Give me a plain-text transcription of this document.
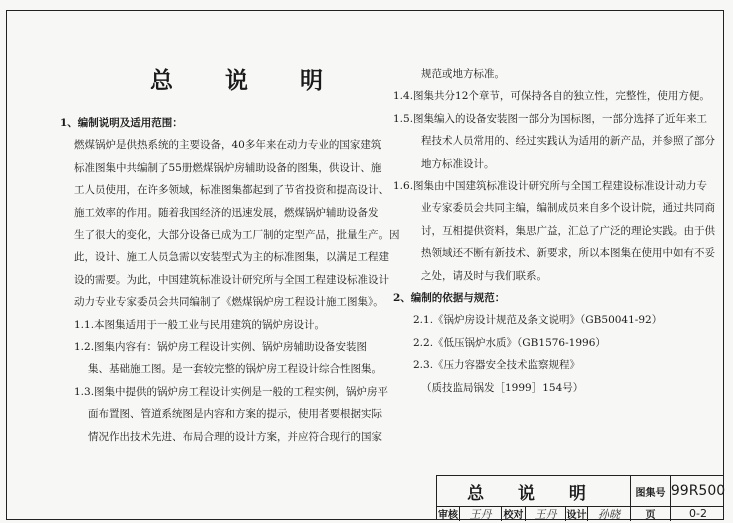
总 说 明
1、编制说明及适用范围：
燃煤锅炉是供热系统的主要设备，40多年来在动力专业的国家建筑
标准图集中共编制了55册燃煤锅炉房辅助设备的图集，供设计、施
工人员使用，在许多领域，标准图集都起到了节省投资和提高设计、
施工效率的作用。随着我国经济的迅速发展，燃煤锅炉辅助设备发
生了很大的变化，大部分设备已成为工厂制的定型产品，批量生产。因
此，设计、施工人员急需以安装型式为主的标准图集，以满足工程建
设的需要。为此，中国建筑标准设计研究所与全国工程建设标准设计
动力专业专家委员会共同编制了《燃煤锅炉房工程设计施工图集》。
1.1.本图集适用于一般工业与民用建筑的锅炉房设计。
1.2.图集内容有：锅炉房工程设计实例、锅炉房辅助设备安装图
集、基础施工图。是一套较完整的锅炉房工程设计综合性图集。
1.3.图集中提供的锅炉房工程设计实例是一般的工程实例，锅炉房平
面布置图、管道系统图是内容和方案的提示，使用者要根据实际
情况作出技术先进、布局合理的设计方案，并应符合现行的国家
规范或地方标准。
1.4.图集共分12个章节，可保持各自的独立性，完整性，使用方便。
1.5.图集编入的设备安装图一部分为国标图，一部分选择了近年来工
程技术人员常用的、经过实践认为适用的新产品，并参照了部分
地方标准设计。
1.6.图集由中国建筑标准设计研究所与全国工程建设标准设计动力专
业专家委员会共同主编，编制成员来自多个设计院，通过共同商
讨，互相提供资料，集思广益，汇总了广泛的理论实践。由于供
热领域还不断有新技术、新要求，所以本图集在使用中如有不妥
之处，请及时与我们联系。
2、编制的依据与规范：
2.1.《锅炉房设计规范及条文说明》（GB50041-92）
2.2.《低压锅炉水质》（GB1576-1996）
2.3.《压力容器安全技术监察规程》
（质技监局锅发［1999］154号）
总 说 明	图集号 99R500
审核	王丹	校对	王丹	设计	孙晓	页	0-2
